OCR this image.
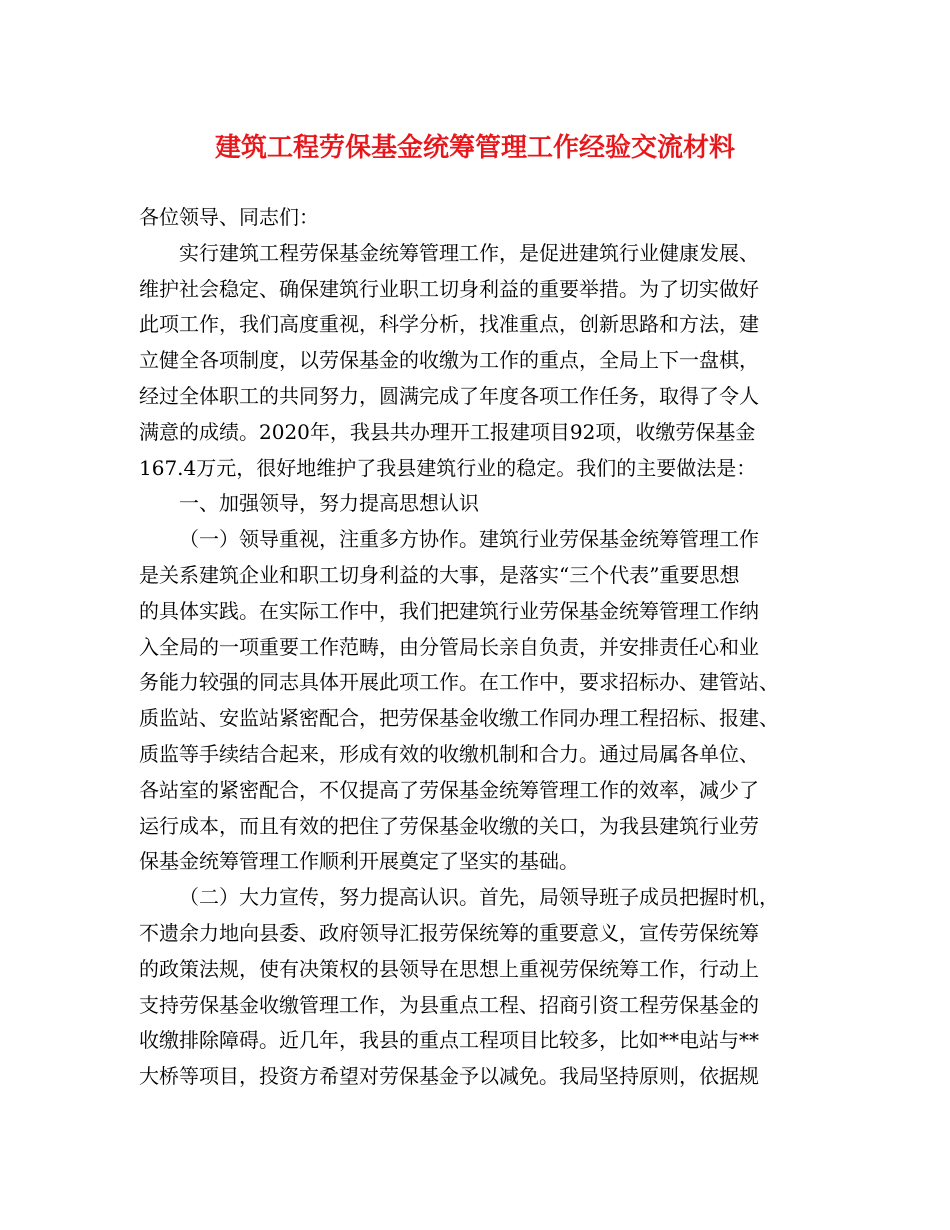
建筑工程劳保基金统筹管理工作经验交流材料
各位领导、同志们：
实行建筑工程劳保基金统筹管理工作，是促进建筑行业健康发展、
维护社会稳定、确保建筑行业职工切身利益的重要举措。为了切实做好
此项工作，我们高度重视，科学分析，找准重点，创新思路和方法，建
立健全各项制度，以劳保基金的收缴为工作的重点，全局上下一盘棋，
经过全体职工的共同努力，圆满完成了年度各项工作任务，取得了令人
满意的成绩。2020年，我县共办理开工报建项目92项，收缴劳保基金
167.4万元，很好地维护了我县建筑行业的稳定。我们的主要做法是：
一、加强领导，努力提高思想认识
（一）领导重视，注重多方协作。建筑行业劳保基金统筹管理工作
是关系建筑企业和职工切身利益的大事，是落实“三个代表”重要思想
的具体实践。在实际工作中，我们把建筑行业劳保基金统筹管理工作纳
入全局的一项重要工作范畴，由分管局长亲自负责，并安排责任心和业
务能力较强的同志具体开展此项工作。在工作中，要求招标办、建管站、
质监站、安监站紧密配合，把劳保基金收缴工作同办理工程招标、报建、
质监等手续结合起来，形成有效的收缴机制和合力。通过局属各单位、
各站室的紧密配合，不仅提高了劳保基金统筹管理工作的效率，减少了
运行成本，而且有效的把住了劳保基金收缴的关口，为我县建筑行业劳
保基金统筹管理工作顺利开展奠定了坚实的基础。
（二）大力宣传，努力提高认识。首先，局领导班子成员把握时机，
不遗余力地向县委、政府领导汇报劳保统筹的重要意义，宣传劳保统筹
的政策法规，使有决策权的县领导在思想上重视劳保统筹工作，行动上
支持劳保基金收缴管理工作，为县重点工程、招商引资工程劳保基金的
收缴排除障碍。近几年，我县的重点工程项目比较多，比如**电站与**
大桥等项目，投资方希望对劳保基金予以减免。我局坚持原则，依据规
